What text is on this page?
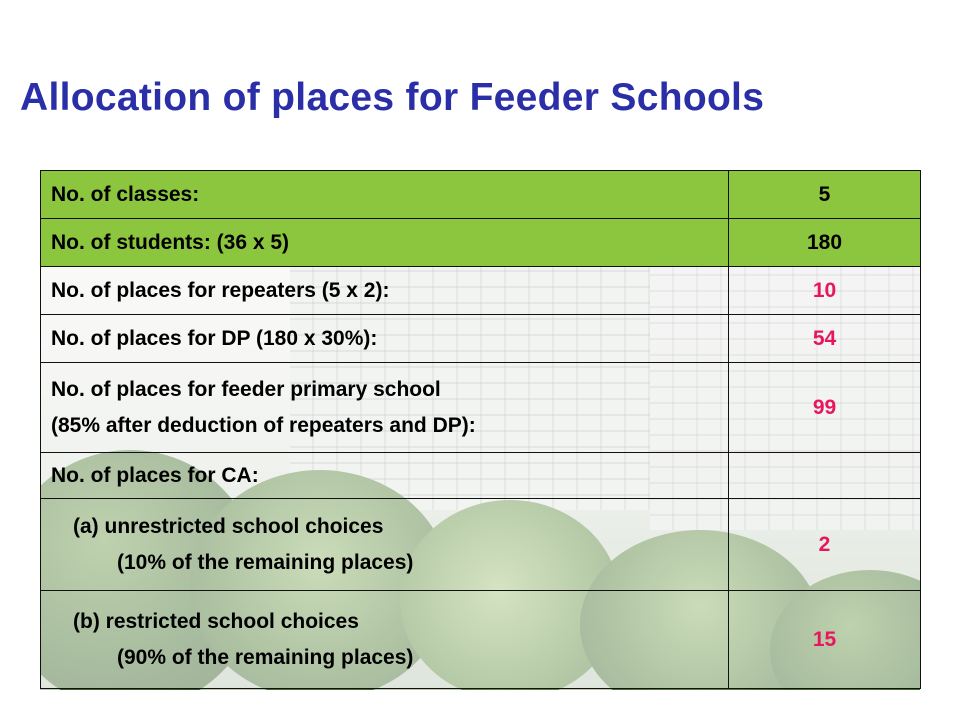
Allocation of places for Feeder Schools
No. of classes:	5
No. of students: (36 x 5)	180
No. of places for repeaters (5 x 2):	10
No. of places for DP (180 x 30%):	54

No. of places for feeder primary school
(85% after deduction of repeaters and DP):	99
No. of places for CA:	

(a) unrestricted school choices
(10% of the remaining places)	2

(b) restricted school choices
(90% of the remaining places)	15
